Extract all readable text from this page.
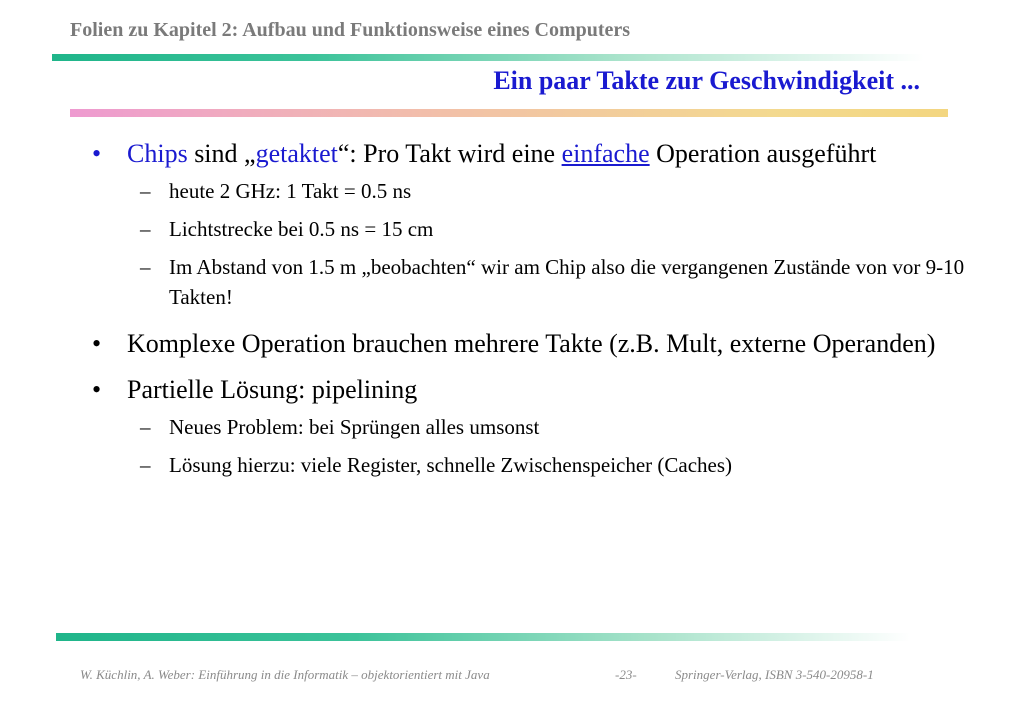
Folien zu Kapitel 2: Aufbau und Funktionsweise eines Computers
Ein paar Takte zur Geschwindigkeit ...
• Chips sind „getaktet“: Pro Takt wird eine einfache Operation ausgeführt
– heute 2 GHz: 1 Takt = 0.5 ns
– Lichtstrecke bei 0.5 ns = 15 cm
– Im Abstand von 1.5 m „beobachten“ wir am Chip also die vergangenen Zustände von vor 9-10 Takten!
• Komplexe Operation brauchen mehrere Takte (z.B. Mult, externe Operanden)
• Partielle Lösung: pipelining
– Neues Problem: bei Sprüngen alles umsonst
– Lösung hierzu: viele Register, schnelle Zwischenspeicher (Caches)
W. Küchlin, A. Weber: Einführung in die Informatik – objektorientiert mit Java	-23-	Springer-Verlag, ISBN 3-540-20958-1
